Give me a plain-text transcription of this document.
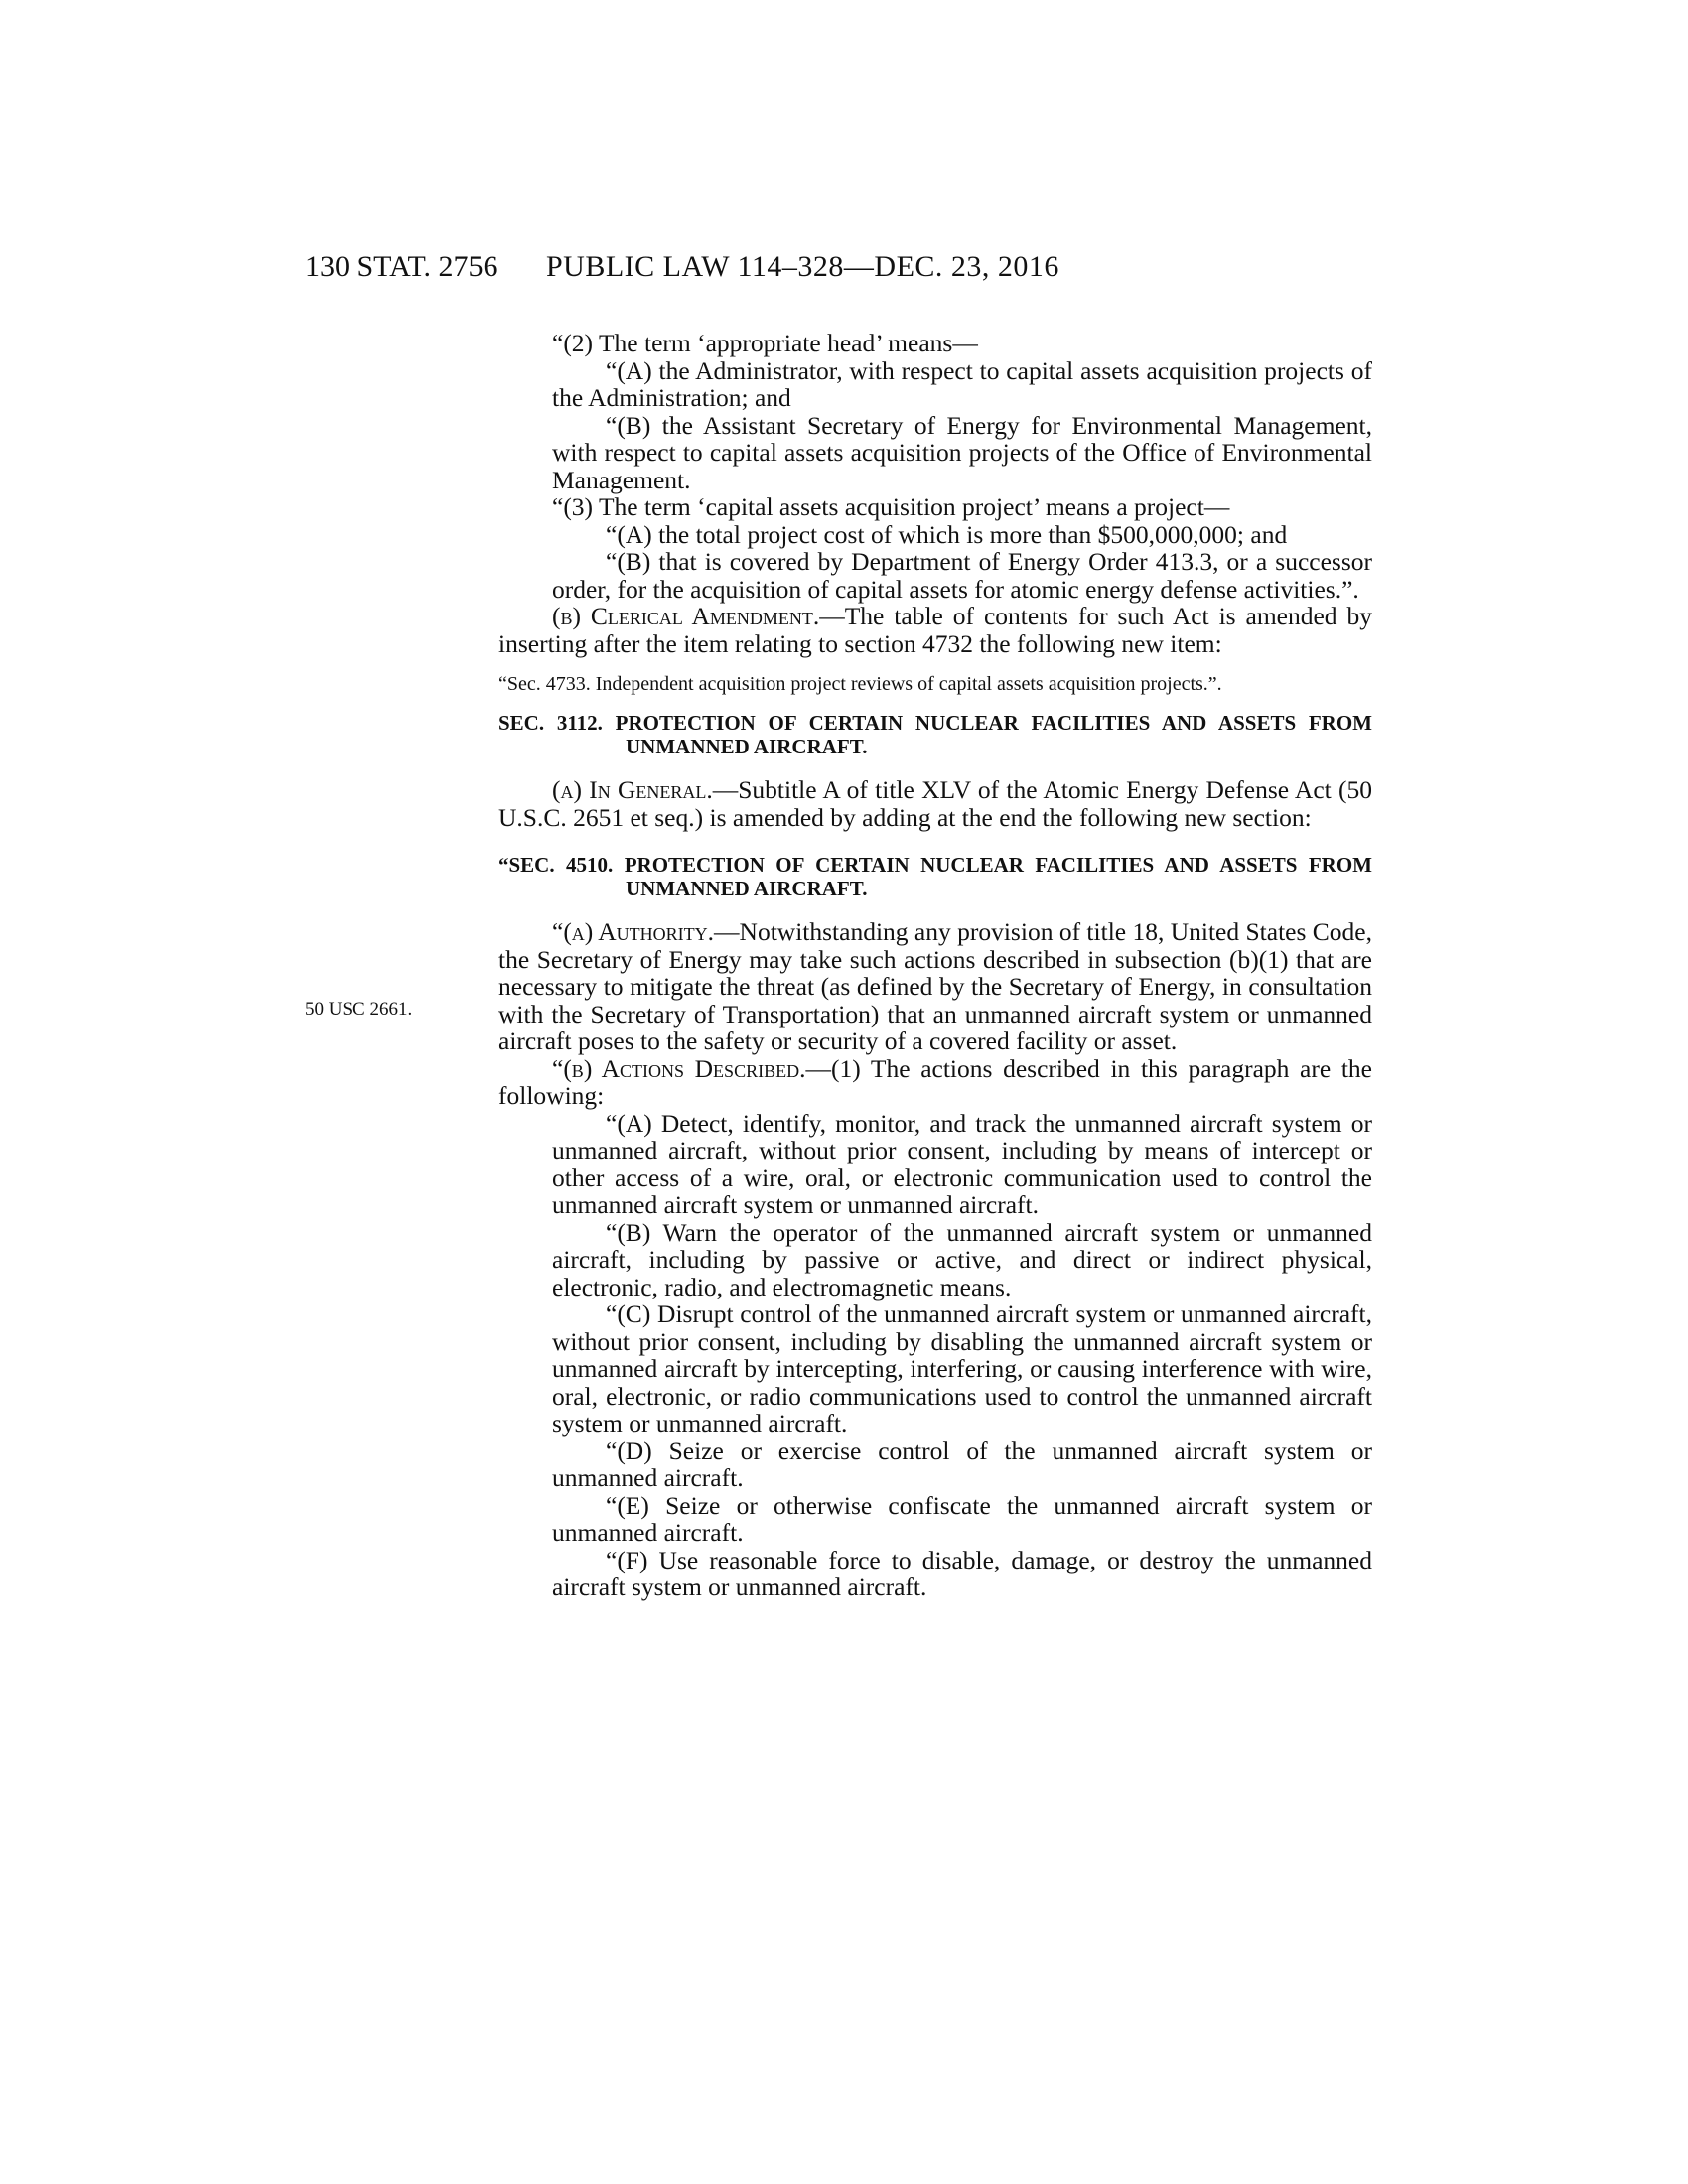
130 STAT. 2756 PUBLIC LAW 114–328—DEC. 23, 2016

“(2) The term ‘appropriate head’ means—

“(A) the Administrator, with respect to capital assets acquisition projects of the Administration; and

“(B) the Assistant Secretary of Energy for Environmental Management, with respect to capital assets acquisition projects of the Office of Environmental Management.

“(3) The term ‘capital assets acquisition project’ means a project—

“(A) the total project cost of which is more than $500,000,000; and

“(B) that is covered by Department of Energy Order 413.3, or a successor order, for the acquisition of capital assets for atomic energy defense activities.”.

(b) Clerical Amendment.—The table of contents for such Act is amended by inserting after the item relating to section 4732 the following new item:

“Sec. 4733. Independent acquisition project reviews of capital assets acquisition projects.”.

SEC. 3112. PROTECTION OF CERTAIN NUCLEAR FACILITIES AND ASSETS FROM UNMANNED AIRCRAFT.

(a) In General.—Subtitle A of title XLV of the Atomic Energy Defense Act (50 U.S.C. 2651 et seq.) is amended by adding at the end the following new section:

“SEC. 4510. PROTECTION OF CERTAIN NUCLEAR FACILITIES AND ASSETS FROM UNMANNED AIRCRAFT.

“(a) Authority.—Notwithstanding any provision of title 18, United States Code, the Secretary of Energy may take such actions described in subsection (b)(1) that are necessary to mitigate the threat (as defined by the Secretary of Energy, in consultation with the Secretary of Transportation) that an unmanned aircraft system or unmanned aircraft poses to the safety or security of a covered facility or asset.

“(b) Actions Described.—(1) The actions described in this paragraph are the following:

“(A) Detect, identify, monitor, and track the unmanned aircraft system or unmanned aircraft, without prior consent, including by means of intercept or other access of a wire, oral, or electronic communication used to control the unmanned aircraft system or unmanned aircraft.

“(B) Warn the operator of the unmanned aircraft system or unmanned aircraft, including by passive or active, and direct or indirect physical, electronic, radio, and electromagnetic means.

“(C) Disrupt control of the unmanned aircraft system or unmanned aircraft, without prior consent, including by disabling the unmanned aircraft system or unmanned aircraft by intercepting, interfering, or causing interference with wire, oral, electronic, or radio communications used to control the unmanned aircraft system or unmanned aircraft.

“(D) Seize or exercise control of the unmanned aircraft system or unmanned aircraft.

“(E) Seize or otherwise confiscate the unmanned aircraft system or unmanned aircraft.

“(F) Use reasonable force to disable, damage, or destroy the unmanned aircraft system or unmanned aircraft.

50 USC 2661.
